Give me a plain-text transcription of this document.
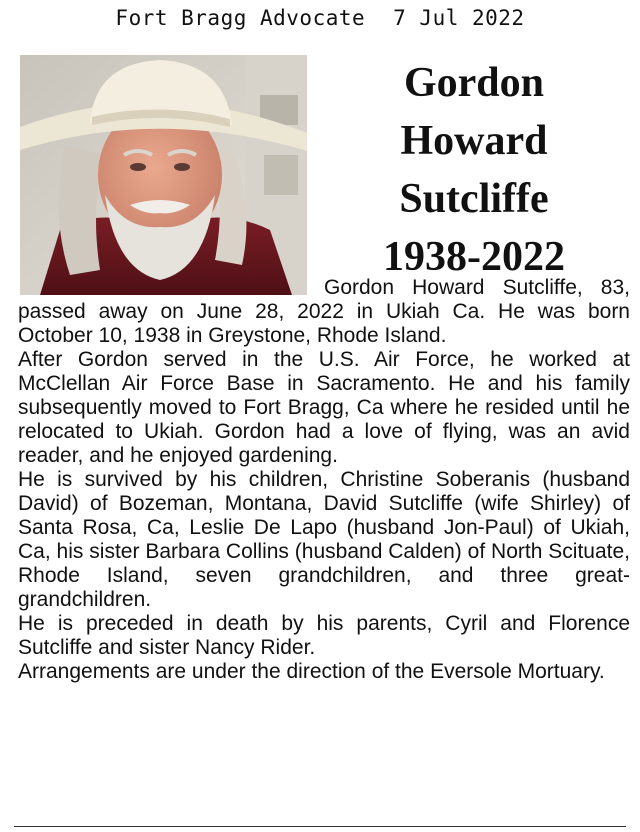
Fort Bragg Advocate 7 Jul 2022
Gordon
Howard
Sutcliffe
1938-2022

Gordon Howard Sutcliffe, 83, passed away on June 28, 2022 in Ukiah Ca. He was born October 10, 1938 in Greystone, Rhode Island.

After Gordon served in the U.S. Air Force, he worked at McClellan Air Force Base in Sacramento. He and his family subsequently moved to Fort Bragg, Ca where he resided until he relocated to Ukiah. Gordon had a love of flying, was an avid reader, and he enjoyed gardening.

He is survived by his children, Christine Soberanis (husband David) of Bozeman, Montana, David Sutcliffe (wife Shirley) of Santa Rosa, Ca, Leslie De Lapo (husband Jon-Paul) of Ukiah, Ca, his sister Barbara Collins (husband Calden) of North Scituate, Rhode Island, seven grandchildren, and three great-grandchildren.

He is preceded in death by his parents, Cyril and Florence Sutcliffe and sister Nancy Rider.

Arrangements are under the direction of the Eversole Mortuary.
